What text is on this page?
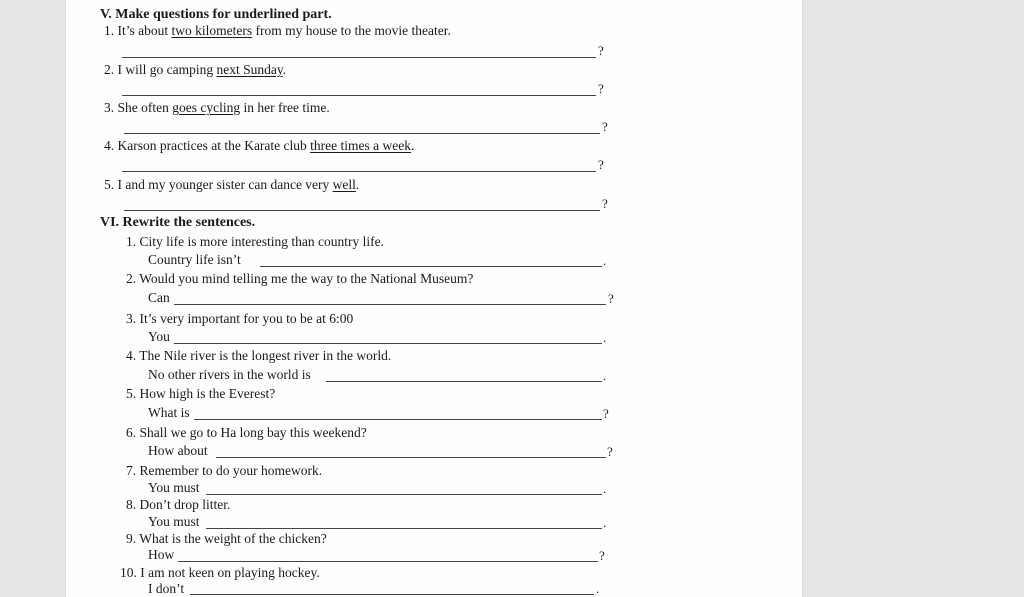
V. Make questions for underlined part.
1. It’s about two kilometers from my house to the movie theater.
?
2. I will go camping next Sunday.
?
3. She often goes cycling in her free time.
?
4. Karson practices at the Karate club three times a week.
?
5. I and my younger sister can dance very well.
?
VI. Rewrite the sentences.
1. City life is more interesting than country life.
Country life isn’t	.
2. Would you mind telling me the way to the National Museum?
Can	?
3. It’s very important for you to be at 6:00
You	.
4. The Nile river is the longest river in the world.
No other rivers in the world is	.
5. How high is the Everest?
What is	?
6. Shall we go to Ha long bay this weekend?
How about	?
7. Remember to do your homework.
You must	.
8. Don’t drop litter.
You must	.
9. What is the weight of the chicken?
How	?
10. I am not keen on playing hockey.
I don’t	.
